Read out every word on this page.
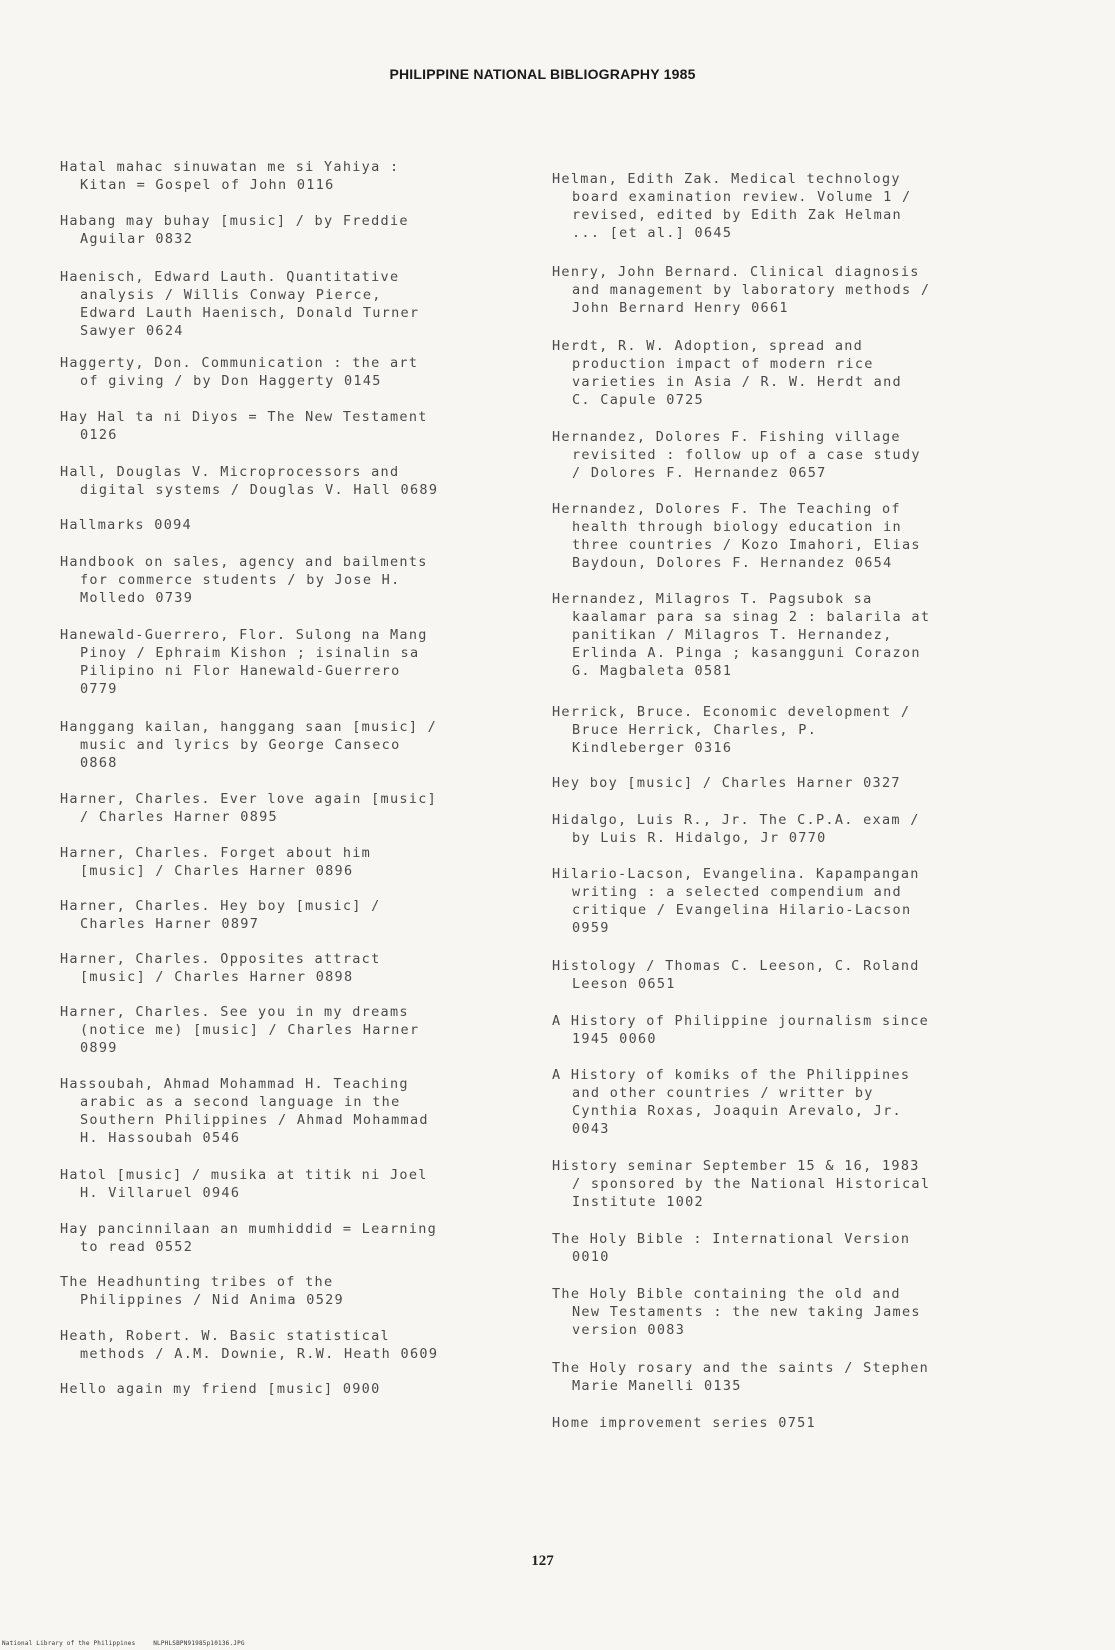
PHILIPPINE NATIONAL BIBLIOGRAPHY 1985
Hatal mahac sinuwatan me si Yahiya :
Kitan = Gospel of John 0116
Habang may buhay [music] / by Freddie
Aguilar 0832
Haenisch, Edward Lauth. Quantitative
analysis / Willis Conway Pierce,
Edward Lauth Haenisch, Donald Turner
Sawyer 0624
Haggerty, Don. Communication : the art
of giving / by Don Haggerty 0145
Hay Hal ta ni Diyos = The New Testament
0126
Hall, Douglas V. Microprocessors and
digital systems / Douglas V. Hall 0689
Hallmarks 0094
Handbook on sales, agency and bailments
for commerce students / by Jose H.
Molledo 0739
Hanewald-Guerrero, Flor. Sulong na Mang
Pinoy / Ephraim Kishon ; isinalin sa
Pilipino ni Flor Hanewald-Guerrero
0779
Hanggang kailan, hanggang saan [music] /
music and lyrics by George Canseco
0868
Harner, Charles. Ever love again [music]
/ Charles Harner 0895
Harner, Charles. Forget about him
[music] / Charles Harner 0896
Harner, Charles. Hey boy [music] /
Charles Harner 0897
Harner, Charles. Opposites attract
[music] / Charles Harner 0898
Harner, Charles. See you in my dreams
(notice me) [music] / Charles Harner
0899
Hassoubah, Ahmad Mohammad H. Teaching
arabic as a second language in the
Southern Philippines / Ahmad Mohammad
H. Hassoubah 0546
Hatol [music] / musika at titik ni Joel
H. Villaruel 0946
Hay pancinnilaan an mumhiddid = Learning
to read 0552
The Headhunting tribes of the
Philippines / Nid Anima 0529
Heath, Robert. W. Basic statistical
methods / A.M. Downie, R.W. Heath 0609
Hello again my friend [music] 0900
Helman, Edith Zak. Medical technology
board examination review. Volume 1 /
revised, edited by Edith Zak Helman
... [et al.] 0645
Henry, John Bernard. Clinical diagnosis
and management by laboratory methods /
John Bernard Henry 0661
Herdt, R. W. Adoption, spread and
production impact of modern rice
varieties in Asia / R. W. Herdt and
C. Capule 0725
Hernandez, Dolores F. Fishing village
revisited : follow up of a case study
/ Dolores F. Hernandez 0657
Hernandez, Dolores F. The Teaching of
health through biology education in
three countries / Kozo Imahori, Elias
Baydoun, Dolores F. Hernandez 0654
Hernandez, Milagros T. Pagsubok sa
kaalamar para sa sinag 2 : balarila at
panitikan / Milagros T. Hernandez,
Erlinda A. Pinga ; kasangguni Corazon
G. Magbaleta 0581
Herrick, Bruce. Economic development /
Bruce Herrick, Charles, P.
Kindleberger 0316
Hey boy [music] / Charles Harner 0327
Hidalgo, Luis R., Jr. The C.P.A. exam /
by Luis R. Hidalgo, Jr 0770
Hilario-Lacson, Evangelina. Kapampangan
writing : a selected compendium and
critique / Evangelina Hilario-Lacson
0959
Histology / Thomas C. Leeson, C. Roland
Leeson 0651
A History of Philippine journalism since
1945 0060
A History of komiks of the Philippines
and other countries / writter by
Cynthia Roxas, Joaquin Arevalo, Jr.
0043
History seminar September 15 & 16, 1983
/ sponsored by the National Historical
Institute 1002
The Holy Bible : International Version
0010
The Holy Bible containing the old and
New Testaments : the new taking James
version 0083
The Holy rosary and the saints / Stephen
Marie Manelli 0135
Home improvement series 0751
127
National Library of the Philippines	NLPHLSBPN91985p10136.JPG
